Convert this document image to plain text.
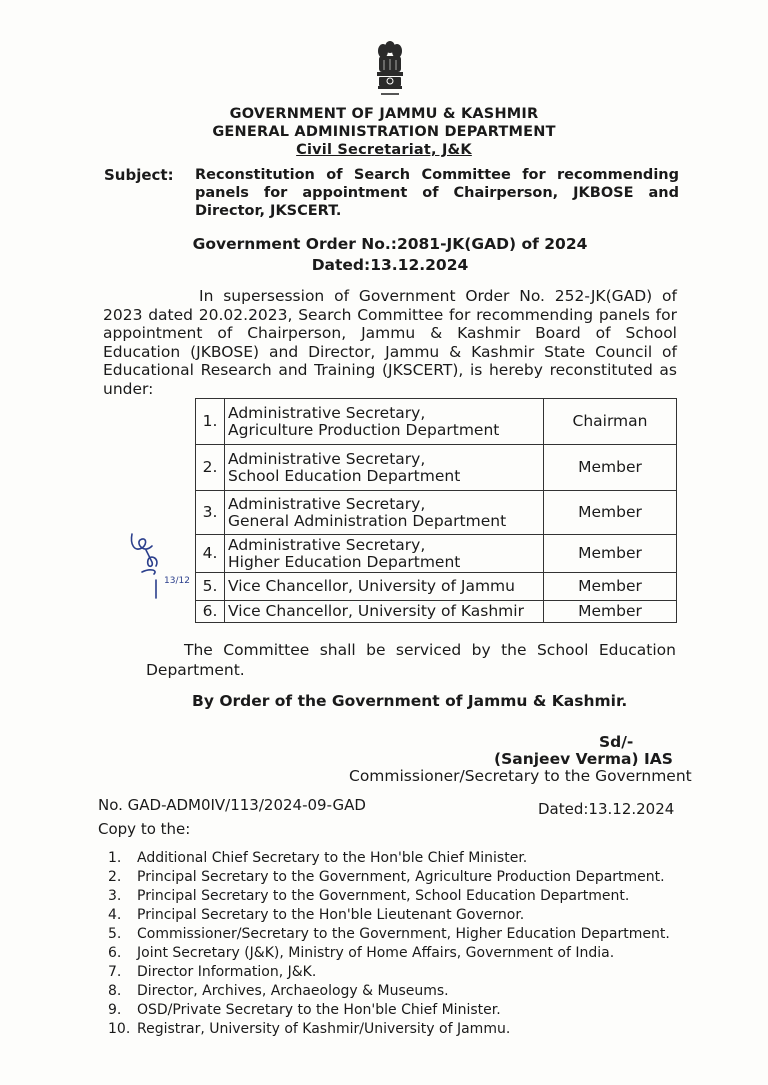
GOVERNMENT OF JAMMU & KASHMIR
GENERAL ADMINISTRATION DEPARTMENT
Civil Secretariat, J&K
Subject: Reconstitution of Search Committee for recommending panels for appointment of Chairperson, JKBOSE and Director, JKSCERT.
Government Order No.:2081-JK(GAD) of 2024
Dated:13.12.2024
In supersession of Government Order No. 252-JK(GAD) of 2023 dated 20.02.2023, Search Committee for recommending panels for appointment of Chairperson, Jammu & Kashmir Board of School Education (JKBOSE) and Director, Jammu & Kashmir State Council of Educational Research and Training (JKSCERT), is hereby reconstituted as under:
1.	Administrative Secretary,
Agriculture Production Department	Chairman
2.	Administrative Secretary,
School Education Department	Member
3.	Administrative Secretary,
General Administration Department	Member
4.	Administrative Secretary,
Higher Education Department	Member
5.	Vice Chancellor, University of Jammu	Member
6.	Vice Chancellor, University of Kashmir	Member
13/12
The Committee shall be serviced by the School Education Department.
By Order of the Government of Jammu & Kashmir.
Sd/-
(Sanjeev Verma) IAS
Commissioner/Secretary to the Government
No. GAD-ADM0IV/113/2024-09-GAD	Dated:13.12.2024
Copy to the:
1.	Additional Chief Secretary to the Hon'ble Chief Minister.
2.	Principal Secretary to the Government, Agriculture Production Department.
3.	Principal Secretary to the Government, School Education Department.
4.	Principal Secretary to the Hon'ble Lieutenant Governor.
5.	Commissioner/Secretary to the Government, Higher Education Department.
6.	Joint Secretary (J&K), Ministry of Home Affairs, Government of India.
7.	Director Information, J&K.
8.	Director, Archives, Archaeology & Museums.
9.	OSD/Private Secretary to the Hon'ble Chief Minister.
10. Registrar, University of Kashmir/University of Jammu.
